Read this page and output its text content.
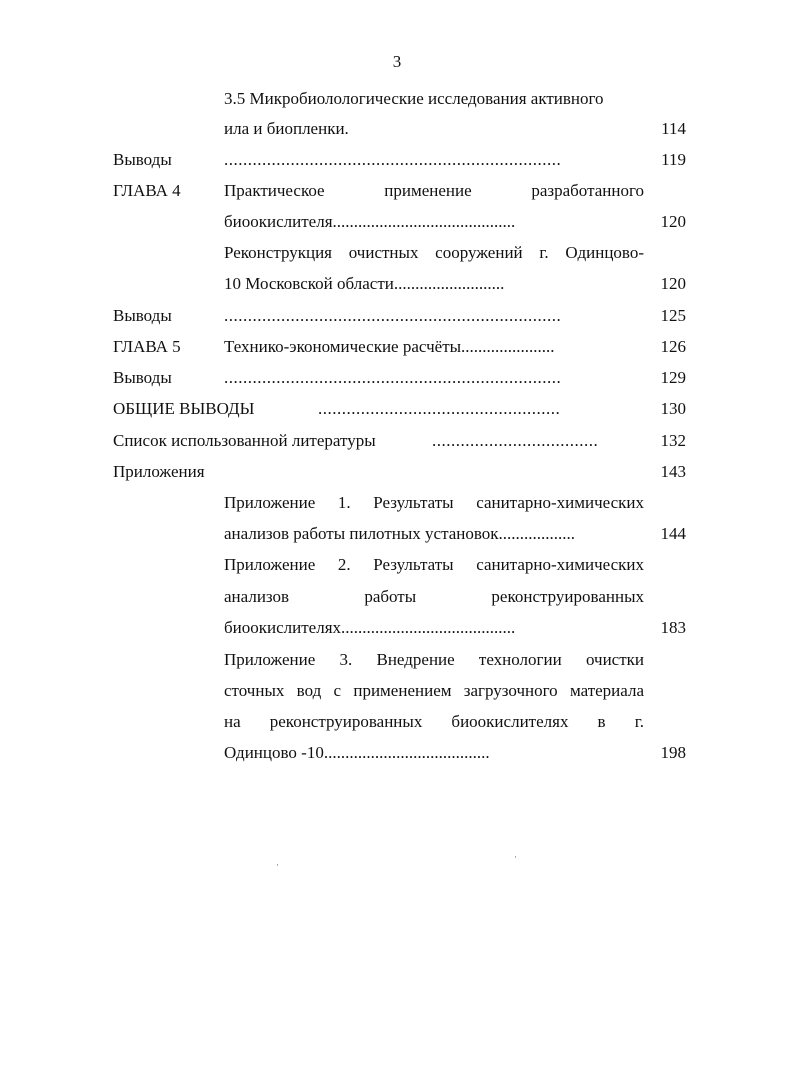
3
3.5 Микробиолологические исследования активного
ила и биопленки.	114
Выводы	.......................................................................	119
ГЛАВА 4	Практическое применение разработанного
биоокислителя...........................................	120
Реконструкция очистных сооружений г. Одинцово-
10 Московской области..........................	120
Выводы	.......................................................................	125
ГЛАВА 5	Технико-экономические расчёты......................	126
Выводы	.......................................................................	129
ОБЩИЕ ВЫВОДЫ	...................................................	130
Список использованной литературы	...................................	132
Приложения	143
Приложение 1. Результаты санитарно-химических
анализов работы пилотных установок..................	144
Приложение 2. Результаты санитарно-химических
анализов работы реконструированных
биоокислителях.........................................	183
Приложение 3. Внедрение технологии очистки
сточных вод с применением загрузочного материала
на реконструированных биоокислителях в г.
Одинцово -10.......................................	198
·
·
